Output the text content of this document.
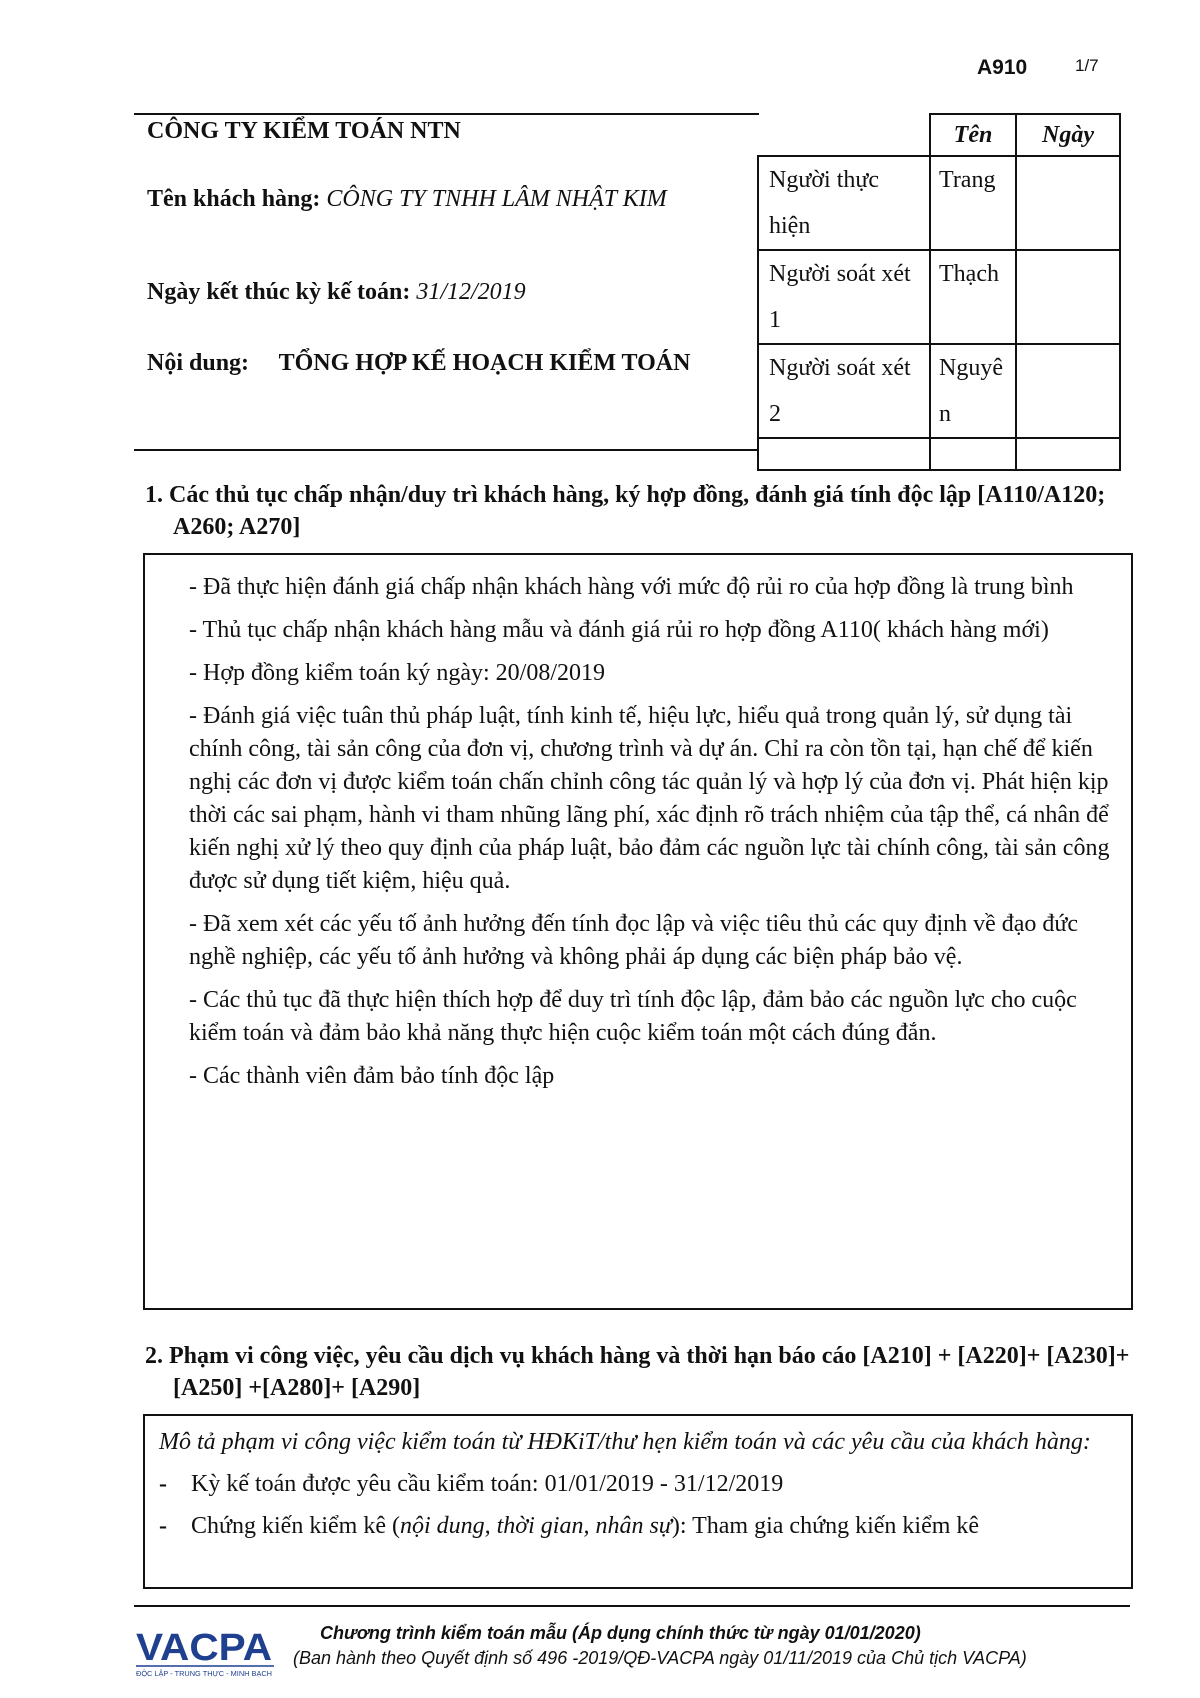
A910	1/7
CÔNG TY KIỂM TOÁN NTN
Tên khách hàng: CÔNG TY TNHH LÂM NHẬT KIM
Ngày kết thúc kỳ kế toán: 31/12/2019
Nội dung: TỔNG HỢP KẾ HOẠCH KIỂM TOÁN
	Tên	Ngày
Người thực hiện	Trang	
Người soát xét 1	Thạch	
Người soát xét 2	Nguyên	

1. Các thủ tục chấp nhận/duy trì khách hàng, ký hợp đồng, đánh giá tính độc lập [A110/A120; A260; A270]

- Đã thực hiện đánh giá chấp nhận khách hàng với mức độ rủi ro của hợp đồng là trung bình

- Thủ tục chấp nhận khách hàng mẫu và đánh giá rủi ro hợp đồng A110( khách hàng mới)

- Hợp đồng kiểm toán ký ngày: 20/08/2019

- Đánh giá việc tuân thủ pháp luật, tính kinh tế, hiệu lực, hiểu quả trong quản lý, sử dụng tài chính công, tài sản công của đơn vị, chương trình và dự án. Chỉ ra còn tồn tại, hạn chế để kiến nghị các đơn vị được kiểm toán chấn chỉnh công tác quản lý và hợp lý của đơn vị. Phát hiện kịp thời các sai phạm, hành vi tham nhũng lãng phí, xác định rõ trách nhiệm của tập thể, cá nhân để kiến nghị xử lý theo quy định của pháp luật, bảo đảm các nguồn lực tài chính công, tài sản công được sử dụng tiết kiệm, hiệu quả.

- Đã xem xét các yếu tố ảnh hưởng đến tính đọc lập và việc tiêu thủ các quy định về đạo đức nghề nghiệp, các yếu tố ảnh hưởng và không phải áp dụng các biện pháp bảo vệ.

- Các thủ tục đã thực hiện thích hợp để duy trì tính độc lập, đảm bảo các nguồn lực cho cuộc kiểm toán và đảm bảo khả năng thực hiện cuộc kiểm toán một cách đúng đắn.

- Các thành viên đảm bảo tính độc lập

2. Phạm vi công việc, yêu cầu dịch vụ khách hàng và thời hạn báo cáo [A210] + [A220]+ [A230]+ [A250] +[A280]+ [A290]
Mô tả phạm vi công việc kiểm toán từ HĐKiT/thư hẹn kiểm toán và các yêu cầu của khách hàng:
-	Kỳ kế toán được yêu cầu kiểm toán: 01/01/2019 - 31/12/2019
-	Chứng kiến kiểm kê (nội dung, thời gian, nhân sự): Tham gia chứng kiến kiểm kê
VACPA
ĐỘC LẬP - TRUNG THỰC - MINH BẠCH
Chương trình kiểm toán mẫu (Áp dụng chính thức từ ngày 01/01/2020)
(Ban hành theo Quyết định số 496 -2019/QĐ-VACPA ngày 01/11/2019 của Chủ tịch VACPA)
